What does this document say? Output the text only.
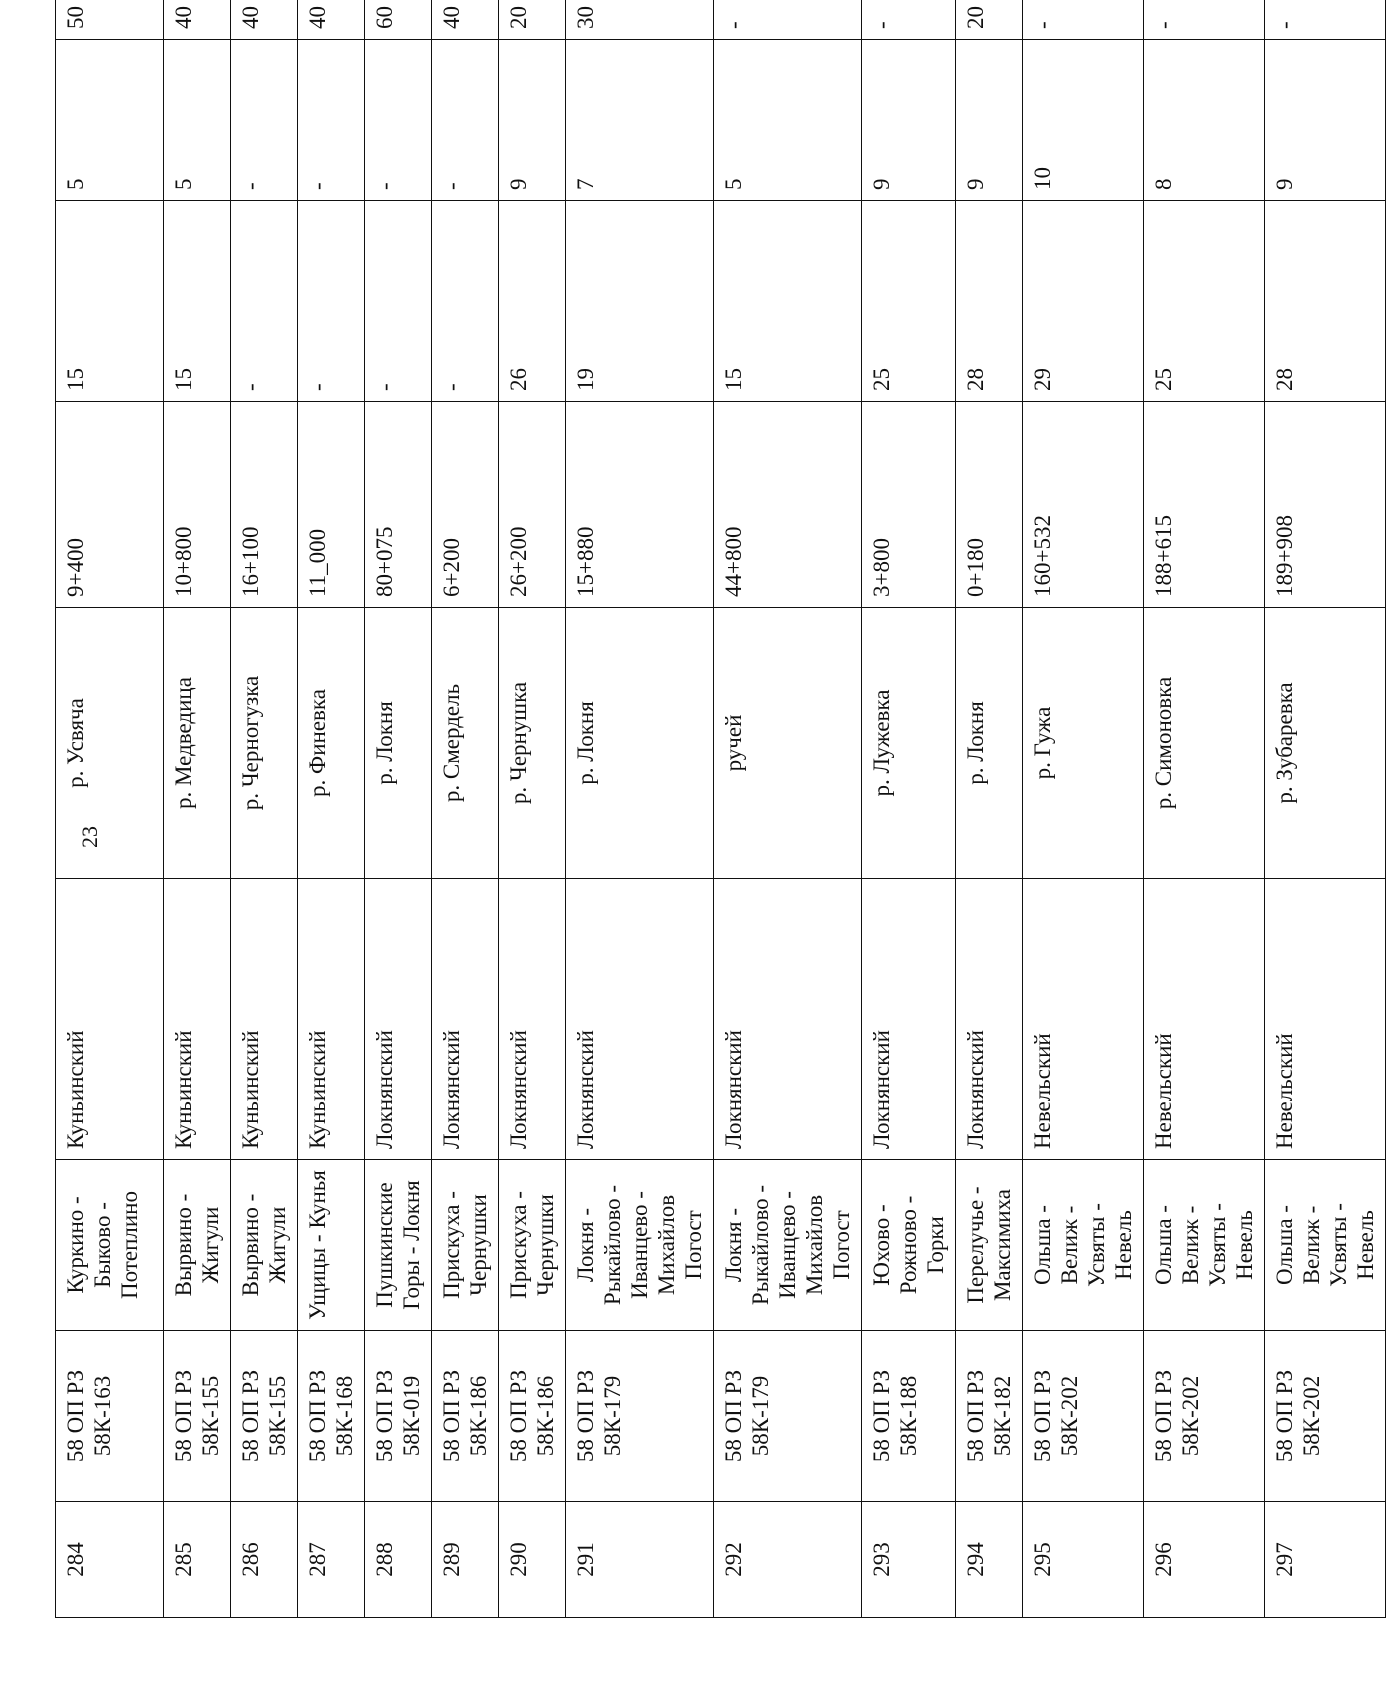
23
284	58 ОП РЗ 58К-163	Куркино - Быково - Потеплино	Куньинский	р. Усвяча	9+400	15	5	50
285	58 ОП РЗ 58К-155	Вырвино - Жигули	Куньинский	р. Медведица	10+800	15	5	40
286	58 ОП РЗ 58К-155	Вырвино - Жигули	Куньинский	р. Черногузка	16+100	-	-	40
287	58 ОП РЗ 58К-168	Ущицы - Кунья	Куньинский	р. Финевка	11_000	-	-	40
288	58 ОП РЗ 58К-019	Пушкинские Горы - Локня	Локнянский	р. Локня	80+075	-	-	60
289	58 ОП РЗ 58К-186	Прискуха - Чернушки	Локнянский	р. Смердель	6+200	-	-	40
290	58 ОП РЗ 58К-186	Прискуха - Чернушки	Локнянский	р. Чернушка	26+200	26	9	20
291	58 ОП РЗ 58К-179	Локня - Рыкайлово - Иванцево - Михайлов Погост	Локнянский	р. Локня	15+880	19	7	30
292	58 ОП РЗ 58К-179	Локня - Рыкайлово - Иванцево - Михайлов Погост	Локнянский	ручей	44+800	15	5	-
293	58 ОП РЗ 58К-188	Юхово - Рожново - Горки	Локнянский	р. Лужевка	3+800	25	9	-
294	58 ОП РЗ 58К-182	Перелучье - Максимиха	Локнянский	р. Локня	0+180	28	9	20
295	58 ОП РЗ 58К-202	Ольша - Велиж - Усвяты - Невель	Невельский	р. Гужа	160+532	29	10	-
296	58 ОП РЗ 58К-202	Ольша - Велиж - Усвяты - Невель	Невельский	р. Симоновка	188+615	25	8	-
297	58 ОП РЗ 58К-202	Ольша - Велиж - Усвяты - Невель	Невельский	р. Зубаревка	189+908	28	9	-
